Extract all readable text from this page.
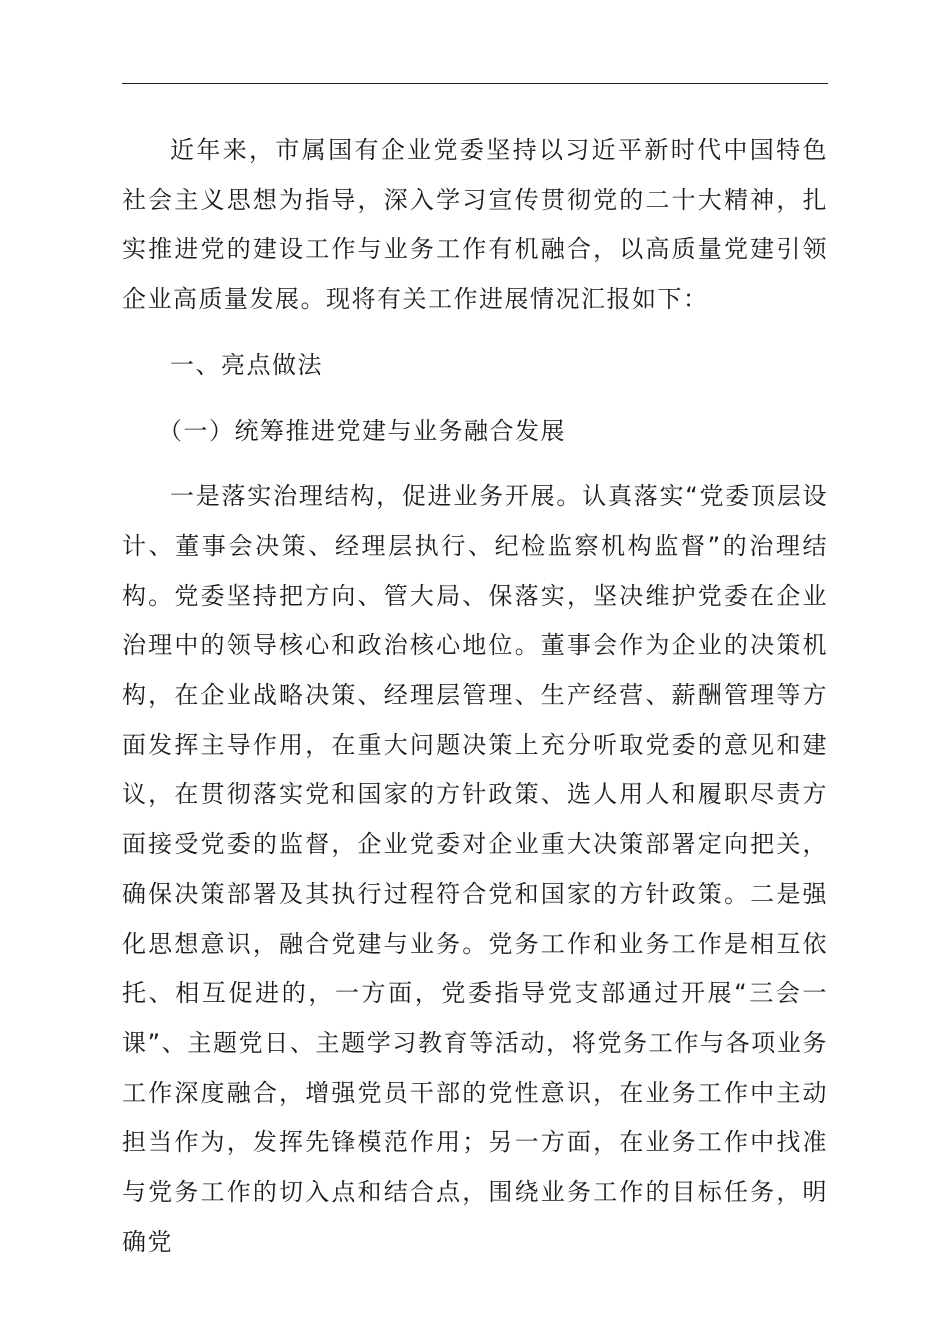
近年来，市属国有企业党委坚持以习近平新时代中国特色社会主义思想为指导，深入学习宣传贯彻党的二十大精神，扎实推进党的建设工作与业务工作有机融合，以高质量党建引领企业高质量发展。现将有关工作进展情况汇报如下：

一、亮点做法

（一）统筹推进党建与业务融合发展

一是落实治理结构，促进业务开展。认真落实“党委顶层设计、董事会决策、经理层执行、纪检监察机构监督”的治理结构。党委坚持把方向、管大局、保落实，坚决维护党委在企业治理中的领导核心和政治核心地位。董事会作为企业的决策机构，在企业战略决策、经理层管理、生产经营、薪酬管理等方面发挥主导作用，在重大问题决策上充分听取党委的意见和建议，在贯彻落实党和国家的方针政策、选人用人和履职尽责方面接受党委的监督，企业党委对企业重大决策部署定向把关，确保决策部署及其执行过程符合党和国家的方针政策。二是强化思想意识，融合党建与业务。党务工作和业务工作是相互依托、相互促进的，一方面，党委指导党支部通过开展“三会一课”、主题党日、主题学习教育等活动，将党务工作与各项业务工作深度融合，增强党员干部的党性意识，在业务工作中主动担当作为，发挥先锋模范作用；另一方面，在业务工作中找准与党务工作的切入点和结合点，围绕业务工作的目标任务，明确党
